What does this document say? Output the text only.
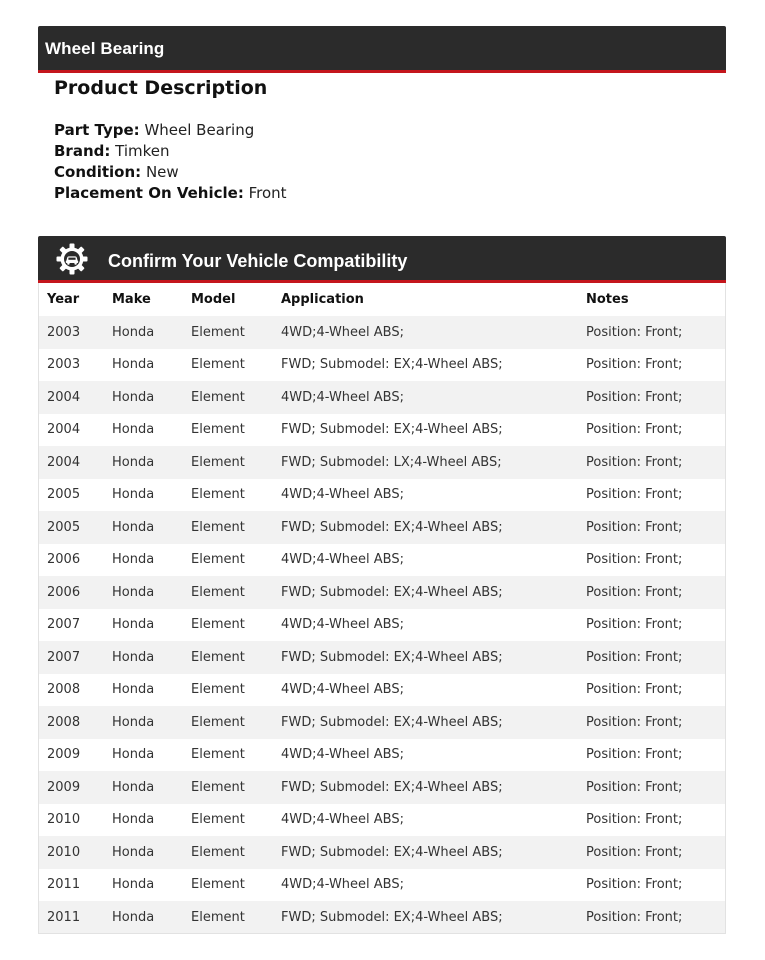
Wheel Bearing
Product Description
Part Type: Wheel Bearing
Brand: Timken
Condition: New
Placement On Vehicle: Front
Confirm Your Vehicle Compatibility
Year	Make	Model	Application	Notes
2003	Honda	Element	4WD;4-Wheel ABS;	Position: Front;
2003	Honda	Element	FWD; Submodel: EX;4-Wheel ABS;	Position: Front;
2004	Honda	Element	4WD;4-Wheel ABS;	Position: Front;
2004	Honda	Element	FWD; Submodel: EX;4-Wheel ABS;	Position: Front;
2004	Honda	Element	FWD; Submodel: LX;4-Wheel ABS;	Position: Front;
2005	Honda	Element	4WD;4-Wheel ABS;	Position: Front;
2005	Honda	Element	FWD; Submodel: EX;4-Wheel ABS;	Position: Front;
2006	Honda	Element	4WD;4-Wheel ABS;	Position: Front;
2006	Honda	Element	FWD; Submodel: EX;4-Wheel ABS;	Position: Front;
2007	Honda	Element	4WD;4-Wheel ABS;	Position: Front;
2007	Honda	Element	FWD; Submodel: EX;4-Wheel ABS;	Position: Front;
2008	Honda	Element	4WD;4-Wheel ABS;	Position: Front;
2008	Honda	Element	FWD; Submodel: EX;4-Wheel ABS;	Position: Front;
2009	Honda	Element	4WD;4-Wheel ABS;	Position: Front;
2009	Honda	Element	FWD; Submodel: EX;4-Wheel ABS;	Position: Front;
2010	Honda	Element	4WD;4-Wheel ABS;	Position: Front;
2010	Honda	Element	FWD; Submodel: EX;4-Wheel ABS;	Position: Front;
2011	Honda	Element	4WD;4-Wheel ABS;	Position: Front;
2011	Honda	Element	FWD; Submodel: EX;4-Wheel ABS;	Position: Front;
